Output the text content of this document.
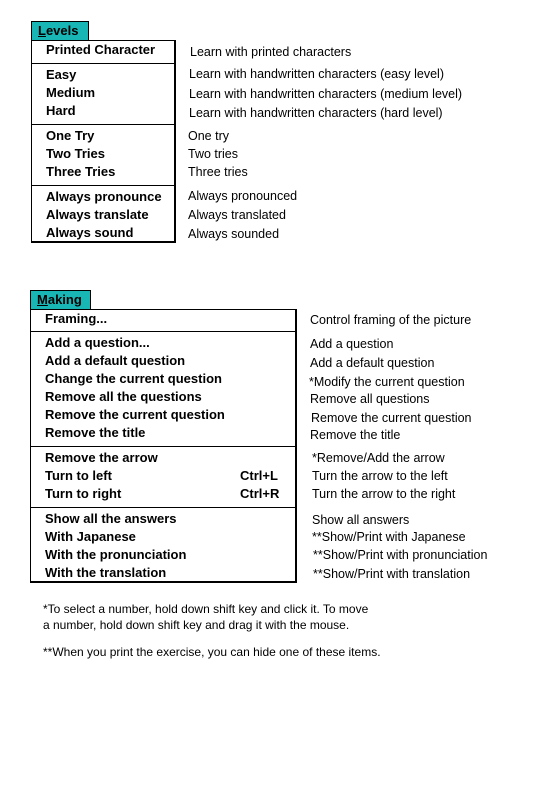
Levels
Printed Character
Easy
Medium
Hard
One Try
Two Tries
Three Tries
Always pronounce
Always translate
Always sound
Learn with printed characters
Learn with handwritten characters (easy level)
Learn with handwritten characters (medium level)
Learn with handwritten characters (hard level)
One try
Two tries
Three tries
Always pronounced
Always translated
Always sounded
Making
Framing...
Add a question...
Add a default question
Change the current question
Remove all the questions
Remove the current question
Remove the title
Remove the arrow
Turn to left	Ctrl+L
Turn to right	Ctrl+R
Show all the answers
With Japanese
With the pronunciation
With the translation
Control framing of the picture
Add a question
Add a default question
*Modify the current question
Remove all questions
Remove the current question
Remove the title
*Remove/Add the arrow
Turn the arrow to the left
Turn the arrow to the right
Show all answers
**Show/Print with Japanese
**Show/Print with pronunciation
**Show/Print with translation
*To select a number, hold down shift key and click it. To move
a number, hold down shift key and drag it with the mouse.
**When you print the exercise, you can hide one of these items.
